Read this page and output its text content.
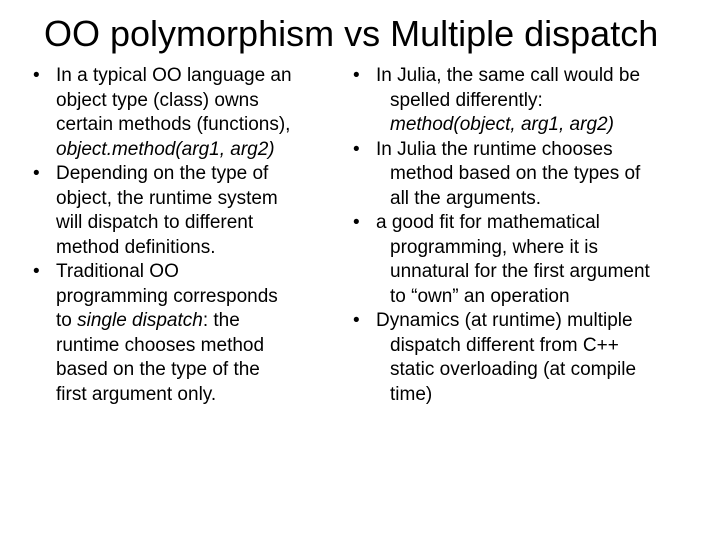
OO polymorphism vs Multiple dispatch
• In a typical OO language an
object type (class) owns
certain methods (functions),
object.method(arg1, arg2)
• Depending on the type of
object, the runtime system
will dispatch to different
method definitions.
• Traditional OO
programming corresponds
to single dispatch: the
runtime chooses method
based on the type of the
first argument only.
• In Julia, the same call would be
spelled differently:
method(object, arg1, arg2)
• In Julia the runtime chooses
method based on the types of
all the arguments.
• a good fit for mathematical
programming, where it is
unnatural for the first argument
to “own” an operation
• Dynamics (at runtime) multiple
dispatch different from C++
static overloading (at compile
time)
